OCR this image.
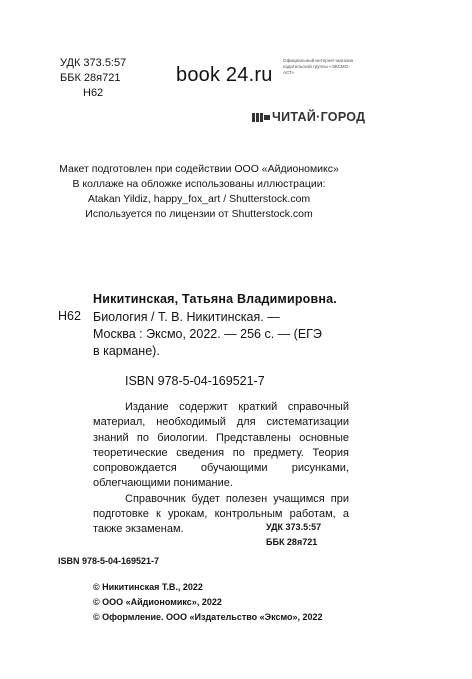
УДК 373.5:57
ББК 28я721
Н62
book 24.ru
Официальный интернет-магазин издательской группы «ЭКСМО-АСТ»
ЧИТАЙ·ГОРОД
Макет подготовлен при содействии ООО «Айдиономикс»
В коллаже на обложке использованы иллюстрации:
Atakan Yildiz, happy_fox_art / Shutterstock.com
Используется по лицензии от Shutterstock.com
Никитинская, Татьяна Владимировна.
Н62 Биология / Т. В. Никитинская. —
Москва : Эксмо, 2022. — 256 с. — (ЕГЭ
в кармане).
ISBN 978-5-04-169521-7

Издание содержит краткий справочный материал, необходимый для систематизации знаний по биологии. Представлены основные теоретические сведения по предмету. Теория сопровождается обучающими рисунками, облегчающими понимание.

Справочник будет полезен учащимся при подготовке к урокам, контрольным работам, а также экзаменам.	УДК 373.5:57
ББК 28я721
ISBN 978-5-04-169521-7
© Никитинская Т.В., 2022
© ООО «Айдиономикс», 2022
© Оформление. ООО «Издательство «Эксмо», 2022
